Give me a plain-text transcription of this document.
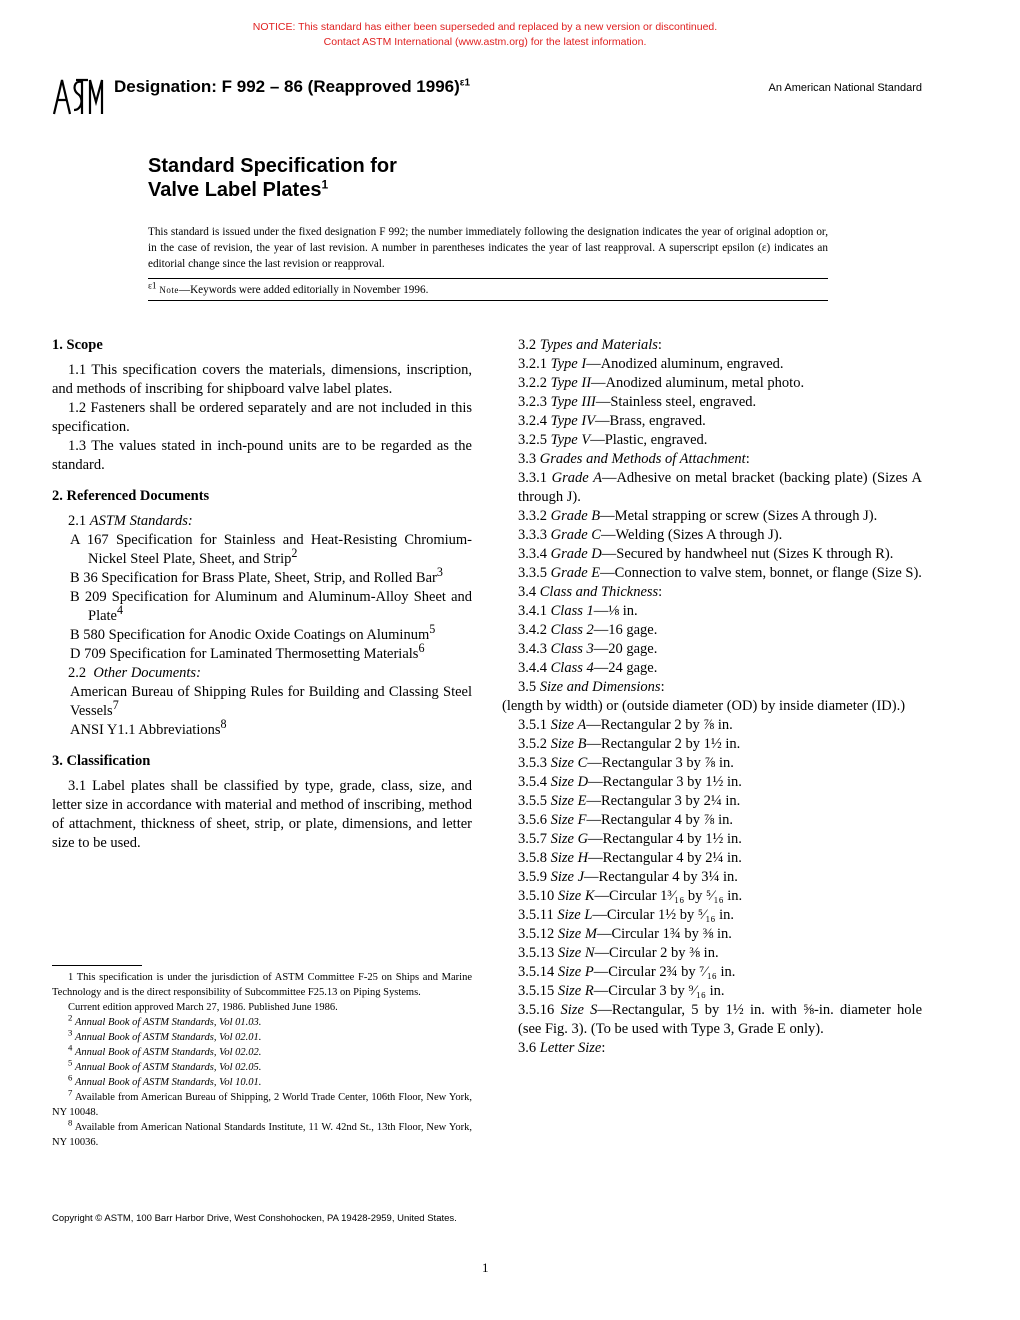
NOTICE: This standard has either been superseded and replaced by a new version or discontinued.
Contact ASTM International (www.astm.org) for the latest information.
Designation: F 992 – 86 (Reapproved 1996)$^{\varepsilon 1}$	An American National Standard
Standard Specification for
Valve Label Plates$^1$
This standard is issued under the fixed designation F 992; the number immediately following the designation indicates the year of original adoption or, in the case of revision, the year of last revision. A number in parentheses indicates the year of last reapproval. A superscript epsilon (ε) indicates an editorial change since the last revision or reapproval.
$^{\varepsilon 1}$ Note—Keywords were added editorially in November 1996.

1. Scope

1.1 This specification covers the materials, dimensions, inscription, and methods of inscribing for shipboard valve label plates.

1.2 Fasteners shall be ordered separately and are not included in this specification.

1.3 The values stated in inch-pound units are to be regarded as the standard.

2. Referenced Documents

2.1 ASTM Standards:

A 167 Specification for Stainless and Heat-Resisting Chromium-Nickel Steel Plate, Sheet, and Strip$^2$

B 36 Specification for Brass Plate, Sheet, Strip, and Rolled Bar$^3$

B 209 Specification for Aluminum and Aluminum-Alloy Sheet and Plate$^4$

B 580 Specification for Anodic Oxide Coatings on Aluminum$^5$

D 709 Specification for Laminated Thermosetting Materials$^6$

2.2 Other Documents:

American Bureau of Shipping Rules for Building and Classing Steel Vessels$^7$

ANSI Y1.1 Abbreviations$^8$

3. Classification

3.1 Label plates shall be classified by type, grade, class, size, and letter size in accordance with material and method of inscribing, method of attachment, thickness of sheet, strip, or plate, dimensions, and letter size to be used.

1 This specification is under the jurisdiction of ASTM Committee F-25 on Ships and Marine Technology and is the direct responsibility of Subcommittee F25.13 on Piping Systems.

Current edition approved March 27, 1986. Published June 1986.

$^2$ Annual Book of ASTM Standards, Vol 01.03.

$^3$ Annual Book of ASTM Standards, Vol 02.01.

$^4$ Annual Book of ASTM Standards, Vol 02.02.

$^5$ Annual Book of ASTM Standards, Vol 02.05.

$^6$ Annual Book of ASTM Standards, Vol 10.01.

$^7$ Available from American Bureau of Shipping, 2 World Trade Center, 106th Floor, New York, NY 10048.

$^8$ Available from American National Standards Institute, 11 W. 42nd St., 13th Floor, New York, NY 10036.

3.2 Types and Materials:

3.2.1 Type I—Anodized aluminum, engraved.

3.2.2 Type II—Anodized aluminum, metal photo.

3.2.3 Type III—Stainless steel, engraved.

3.2.4 Type IV—Brass, engraved.

3.2.5 Type V—Plastic, engraved.

3.3 Grades and Methods of Attachment:

3.3.1 Grade A—Adhesive on metal bracket (backing plate) (Sizes A through J).

3.3.2 Grade B—Metal strapping or screw (Sizes A through J).

3.3.3 Grade C—Welding (Sizes A through J).

3.3.4 Grade D—Secured by handwheel nut (Sizes K through R).

3.3.5 Grade E—Connection to valve stem, bonnet, or flange (Size S).

3.4 Class and Thickness:

3.4.1 Class 1—⅛ in.

3.4.2 Class 2—16 gage.

3.4.3 Class 3—20 gage.

3.4.4 Class 4—24 gage.

3.5 Size and Dimensions:

(length by width) or (outside diameter (OD) by inside diameter (ID).)

3.5.1 Size A—Rectangular 2 by ⅞ in.

3.5.2 Size B—Rectangular 2 by 1½ in.

3.5.3 Size C—Rectangular 3 by ⅞ in.

3.5.4 Size D—Rectangular 3 by 1½ in.

3.5.5 Size E—Rectangular 3 by 2¼ in.

3.5.6 Size F—Rectangular 4 by ⅞ in.

3.5.7 Size G—Rectangular 4 by 1½ in.

3.5.8 Size H—Rectangular 4 by 2¼ in.

3.5.9 Size J—Rectangular 4 by 3¼ in.

3.5.10 Size K—Circular 1³⁄₁₆ by ⁵⁄₁₆ in.

3.5.11 Size L—Circular 1½ by ⁵⁄₁₆ in.

3.5.12 Size M—Circular 1¾ by ⅜ in.

3.5.13 Size N—Circular 2 by ⅜ in.

3.5.14 Size P—Circular 2¾ by ⁷⁄₁₆ in.

3.5.15 Size R—Circular 3 by ⁹⁄₁₆ in.

3.5.16 Size S—Rectangular, 5 by 1½ in. with ⅝-in. diameter hole (see Fig. 3). (To be used with Type 3, Grade E only).

3.6 Letter Size:

Copyright © ASTM, 100 Barr Harbor Drive, West Conshohocken, PA 19428-2959, United States.
1
